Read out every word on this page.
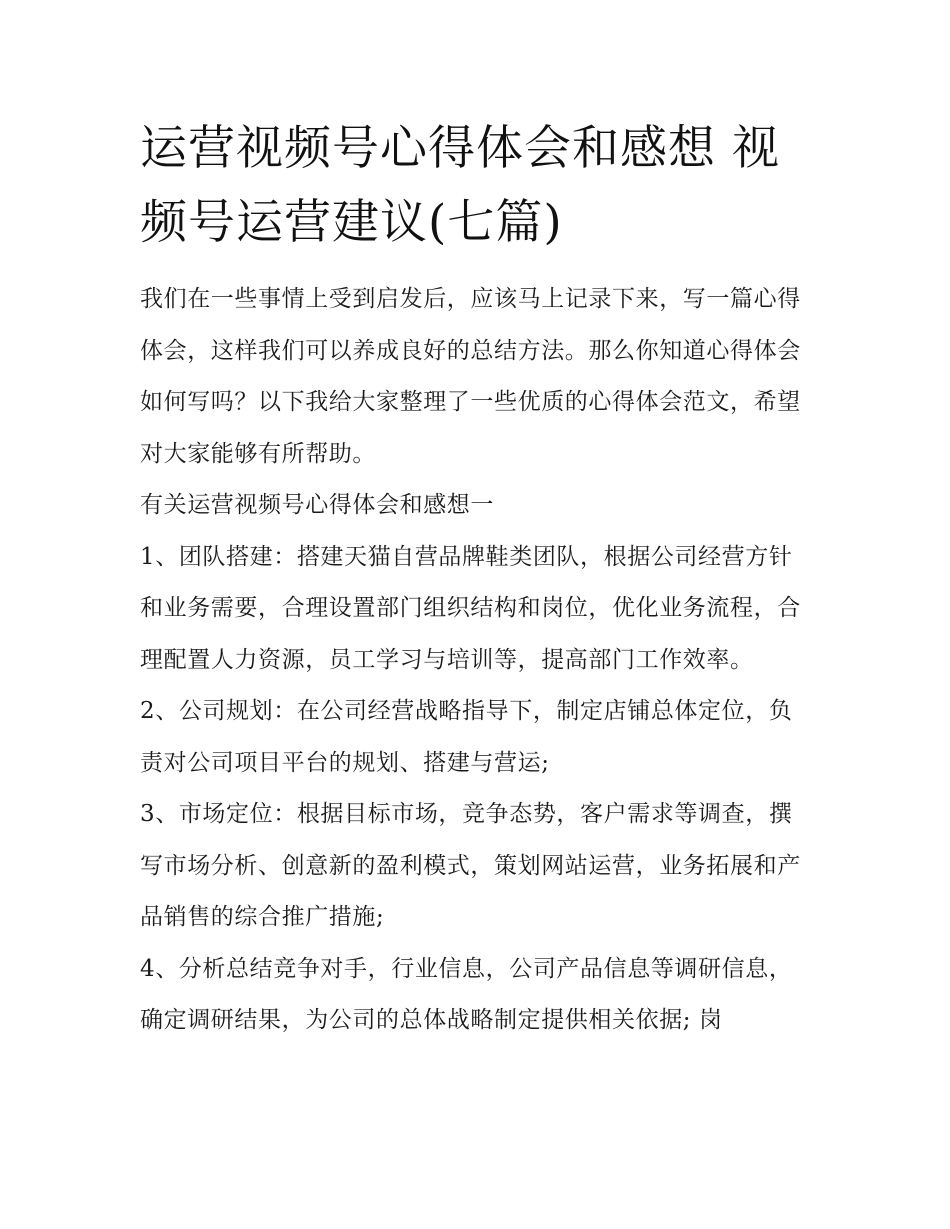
运营视频号心得体会和感想 视频号运营建议(七篇)

我们在一些事情上受到启发后，应该马上记录下来，写一篇心得体会，这样我们可以养成良好的总结方法。那么你知道心得体会如何写吗？以下我给大家整理了一些优质的心得体会范文，希望对大家能够有所帮助。

有关运营视频号心得体会和感想一

1、团队搭建：搭建天猫自营品牌鞋类团队，根据公司经营方针和业务需要，合理设置部门组织结构和岗位，优化业务流程，合理配置人力资源，员工学习与培训等，提高部门工作效率。

2、公司规划：在公司经营战略指导下，制定店铺总体定位，负责对公司项目平台的规划、搭建与营运;

3、市场定位：根据目标市场，竞争态势，客户需求等调查，撰写市场分析、创意新的盈利模式，策划网站运营，业务拓展和产品销售的综合推广措施;

4、分析总结竞争对手，行业信息，公司产品信息等调研信息，确定调研结果，为公司的总体战略制定提供相关依据; 岗
